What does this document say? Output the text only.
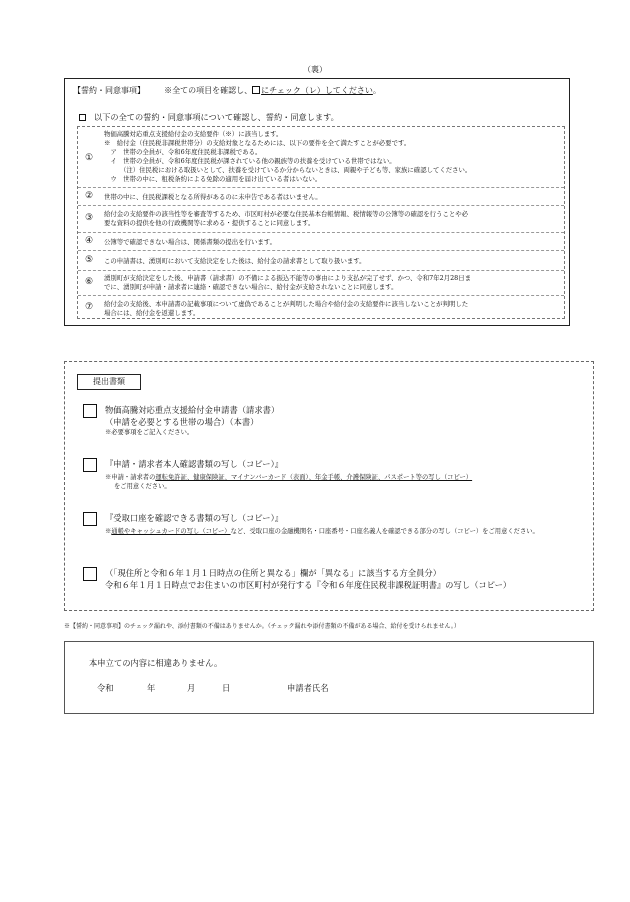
（裏）
【誓約・同意事項】 ※全ての項目を確認し、 にチェック（レ）してください。
以下の全ての誓約・同意事項について確認し、誓約・同意します。
①
物価高騰対応重点支援給付金の支給要件（※）に該当します。
※　給付金（住民税非課税世帯分）の支給対象となるためには、以下の要件を全て満たすことが必要です。
　ア　世帯の全員が、令和6年度住民税非課税である。
　イ　世帯の全員が、令和6年度住民税が課されている他の親族等の扶養を受けている世帯ではない。
　　　（注）住民税における取扱いとして、扶養を受けているか分からないときは、両親や子ども等、家族に確認してください。
　ウ　世帯の中に、租税条約による免除の適用を届け出ている者はいない。
②	世帯の中に、住民税課税となる所得があるのに未申告である者はいません。
③	給付金の支給要件の該当性等を審査等するため、市区町村が必要な住民基本台帳情報、税情報等の公簿等の確認を行うことや必
要な資料の提供を他の行政機関等に求める・提供することに同意します。
④	公簿等で確認できない場合は、関係書類の提出を行います。
⑤	この申請書は、湧別町において支給決定をした後は、給付金の請求書として取り扱います。
⑥	湧別町が支給決定をした後、申請書（請求書）の不備による振込不能等の事由により支払が完了せず、かつ、令和7年2月28日ま
でに、湧別町が申請・請求者に連絡・確認できない場合に、給付金が支給されないことに同意します。
⑦	給付金の支給後、本申請書の記載事項について虚偽であることが判明した場合や給付金の支給要件に該当しないことが判明した
場合には、給付金を返還します。
提出書類
物価高騰対応重点支援給付金申請書（請求書）
（申請を必要とする世帯の場合）（本書）
※必要事項をご記入ください。
『申請・請求者本人確認書類の写し（コピー）』
※申請・請求者の運転免許証、健康保険証、マイナンバーカード（表面）、年金手帳、介護保険証、パスポート等の写し（コピー）
をご用意ください。
『受取口座を確認できる書類の写し（コピー）』
※通帳やキャッシュカードの写し（コピー）など、受取口座の金融機関名・口座番号・口座名義人を確認できる部分の写し（コピー）をご用意ください。
（「現住所と令和６年１月１日時点の住所と異なる」欄が「異なる」に該当する方全員分）
令和６年１月１日時点でお住まいの市区町村が発行する『令和６年度住民税非課税証明書』の写し（コピー）
※【誓約・同意事項】のチェック漏れや、添付書類の不備はありませんか。（チェック漏れや添付書類の不備がある場合、給付を受けられません。）
本申立ての内容に相違ありません。
令和	年	月	日	申請者氏名
